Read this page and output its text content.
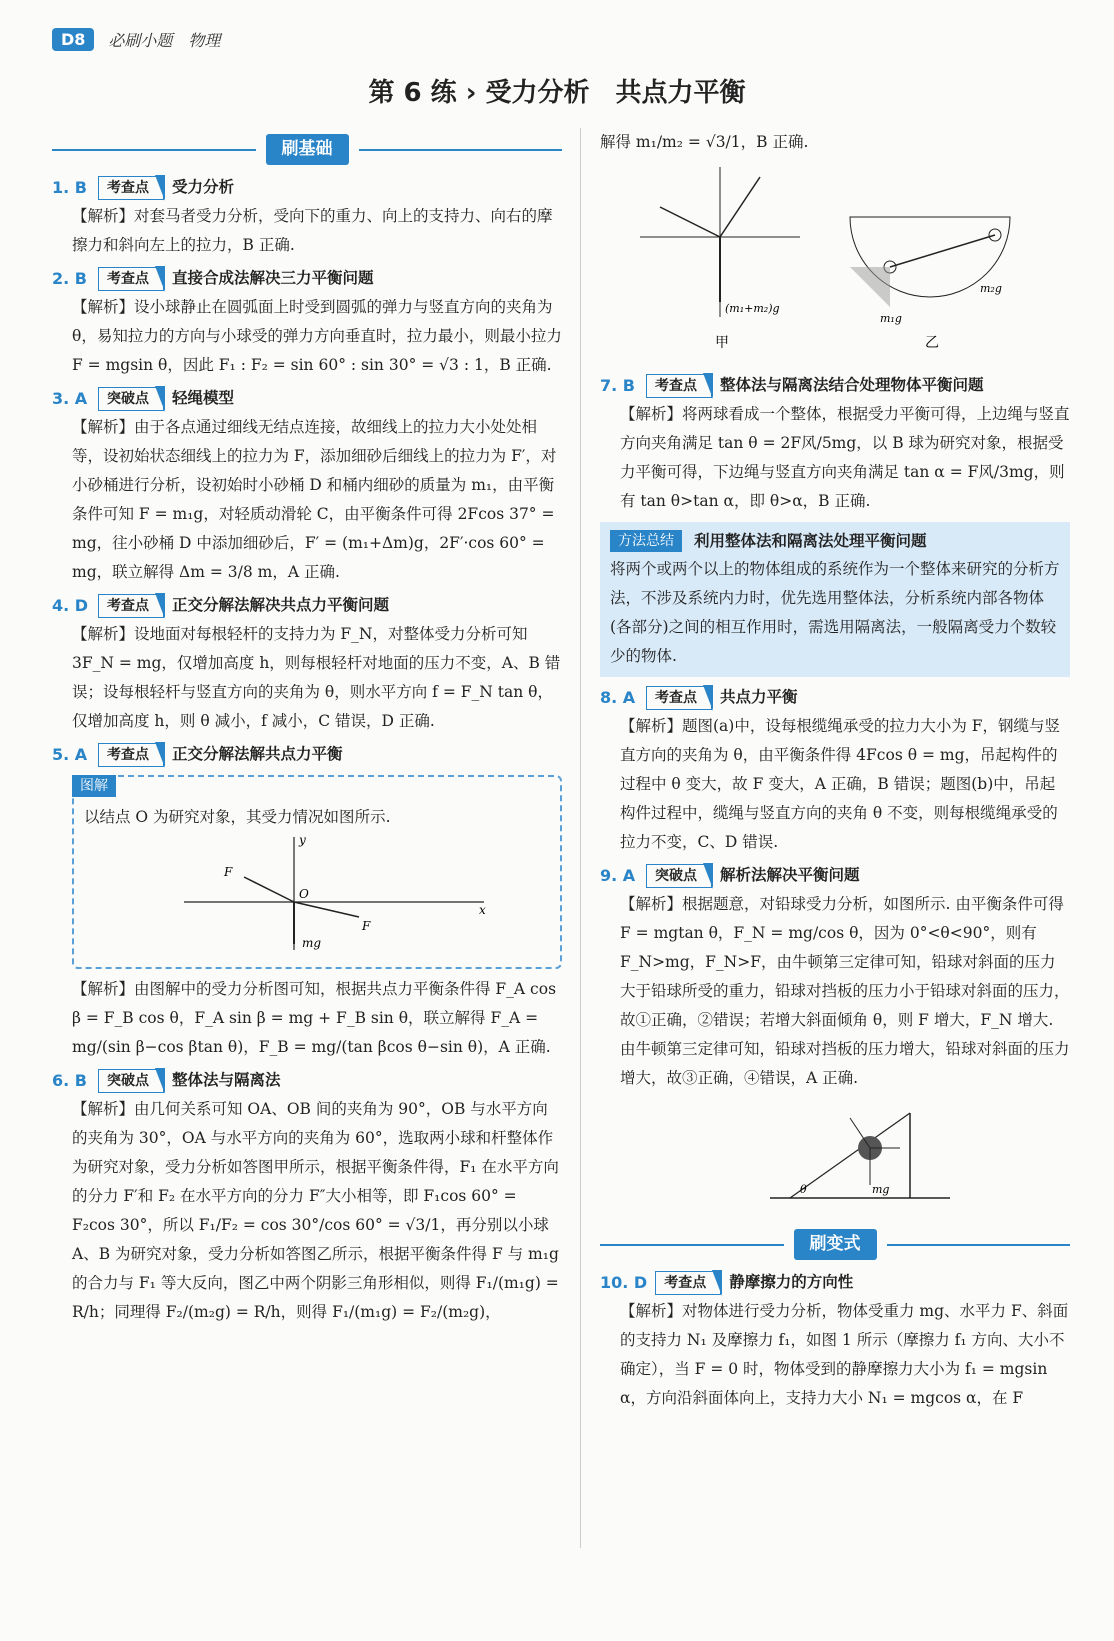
D8	必刷小题　物理
第 6 练 › 受力分析　共点力平衡
刷基础
1. B	考查点	受力分析

【解析】对套马者受力分析，受向下的重力、向上的支持力、向右的摩擦力和斜向左上的拉力，B 正确.

2. B	考查点	直接合成法解决三力平衡问题

【解析】设小球静止在圆弧面上时受到圆弧的弹力与竖直方向的夹角为 θ，易知拉力的方向与小球受的弹力方向垂直时，拉力最小，则最小拉力 F = mgsin θ，因此 F₁ : F₂ = sin 60° : sin 30° = √3 : 1，B 正确.

3. A	突破点	轻绳模型

【解析】由于各点通过细线无结点连接，故细线上的拉力大小处处相等，设初始状态细线上的拉力为 F，添加细砂后细线上的拉力为 F′，对小砂桶进行分析，设初始时小砂桶 D 和桶内细砂的质量为 m₁，由平衡条件可知 F = m₁g，对轻质动滑轮 C，由平衡条件可得 2Fcos 37° = mg，往小砂桶 D 中添加细砂后，F′ = (m₁+Δm)g，2F′·cos 60° = mg，联立解得 Δm = 3/8 m，A 正确.

4. D	考查点	正交分解法解决共点力平衡问题

【解析】设地面对每根轻杆的支持力为 F_N，对整体受力分析可知 3F_N = mg，仅增加高度 h，则每根轻杆对地面的压力不变，A、B 错误；设每根轻杆与竖直方向的夹角为 θ，则水平方向 f = F_N tan θ，仅增加高度 h，则 θ 减小，f 减小，C 错误，D 正确.

5. A	考查点	正交分解法解共点力平衡
图解
以结点 O 为研究对象，其受力情况如图所示.
x
y
O
mg
F
F

【解析】由图解中的受力分析图可知，根据共点力平衡条件得 F_A cos β = F_B cos θ，F_A sin β = mg + F_B sin θ，联立解得 F_A = mg/(sin β−cos βtan θ)，F_B = mg/(tan βcos θ−sin θ)，A 正确.

6. B	突破点	整体法与隔离法

【解析】由几何关系可知 OA、OB 间的夹角为 90°，OB 与水平方向的夹角为 30°，OA 与水平方向的夹角为 60°，选取两小球和杆整体作为研究对象，受力分析如答图甲所示，根据平衡条件得，F₁ 在水平方向的分力 F′和 F₂ 在水平方向的分力 F″大小相等，即 F₁cos 60° = F₂cos 30°，所以 F₁/F₂ = cos 30°/cos 60° = √3/1，再分别以小球 A、B 为研究对象，受力分析如答图乙所示，根据平衡条件得 F 与 m₁g 的合力与 F₁ 等大反向，图乙中两个阴影三角形相似，则得 F₁/(m₁g) = R/h；同理得 F₂/(m₂g) = R/h，则得 F₁/(m₁g) = F₂/(m₂g)，

解得 m₁/m₂ = √3/1，B 正确.

(m₁+m₂)g
甲
m₂g
m₁g
乙
7. B	考查点	整体法与隔离法结合处理物体平衡问题

【解析】将两球看成一个整体，根据受力平衡可得，上边绳与竖直方向夹角满足 tan θ = 2F风/5mg，以 B 球为研究对象，根据受力平衡可得，下边绳与竖直方向夹角满足 tan α = F风/3mg，则有 tan θ>tan α，即 θ>α，B 正确.

方法总结	利用整体法和隔离法处理平衡问题
将两个或两个以上的物体组成的系统作为一个整体来研究的分析方法，不涉及系统内力时，优先选用整体法，分析系统内部各物体(各部分)之间的相互作用时，需选用隔离法，一般隔离受力个数较少的物体.
8. A	考查点	共点力平衡

【解析】题图(a)中，设每根缆绳承受的拉力大小为 F，钢缆与竖直方向的夹角为 θ，由平衡条件得 4Fcos θ = mg，吊起构件的过程中 θ 变大，故 F 变大，A 正确，B 错误；题图(b)中，吊起构件过程中，缆绳与竖直方向的夹角 θ 不变，则每根缆绳承受的拉力不变，C、D 错误.

9. A	突破点	解析法解决平衡问题

【解析】根据题意，对铅球受力分析，如图所示. 由平衡条件可得 F = mgtan θ，F_N = mg/cos θ，因为 0°<θ<90°，则有 F_N>mg，F_N>F，由牛顿第三定律可知，铅球对斜面的压力大于铅球所受的重力，铅球对挡板的压力小于铅球对斜面的压力，故①正确，②错误；若增大斜面倾角 θ，则 F 增大，F_N 增大. 由牛顿第三定律可知，铅球对挡板的压力增大，铅球对斜面的压力增大，故③正确，④错误，A 正确.

mg
θ
刷变式
10. D	考查点	静摩擦力的方向性

【解析】对物体进行受力分析，物体受重力 mg、水平力 F、斜面的支持力 N₁ 及摩擦力 f₁，如图 1 所示（摩擦力 f₁ 方向、大小不确定），当 F = 0 时，物体受到的静摩擦力大小为 f₁ = mgsin α，方向沿斜面体向上，支持力大小 N₁ = mgcos α，在 F
